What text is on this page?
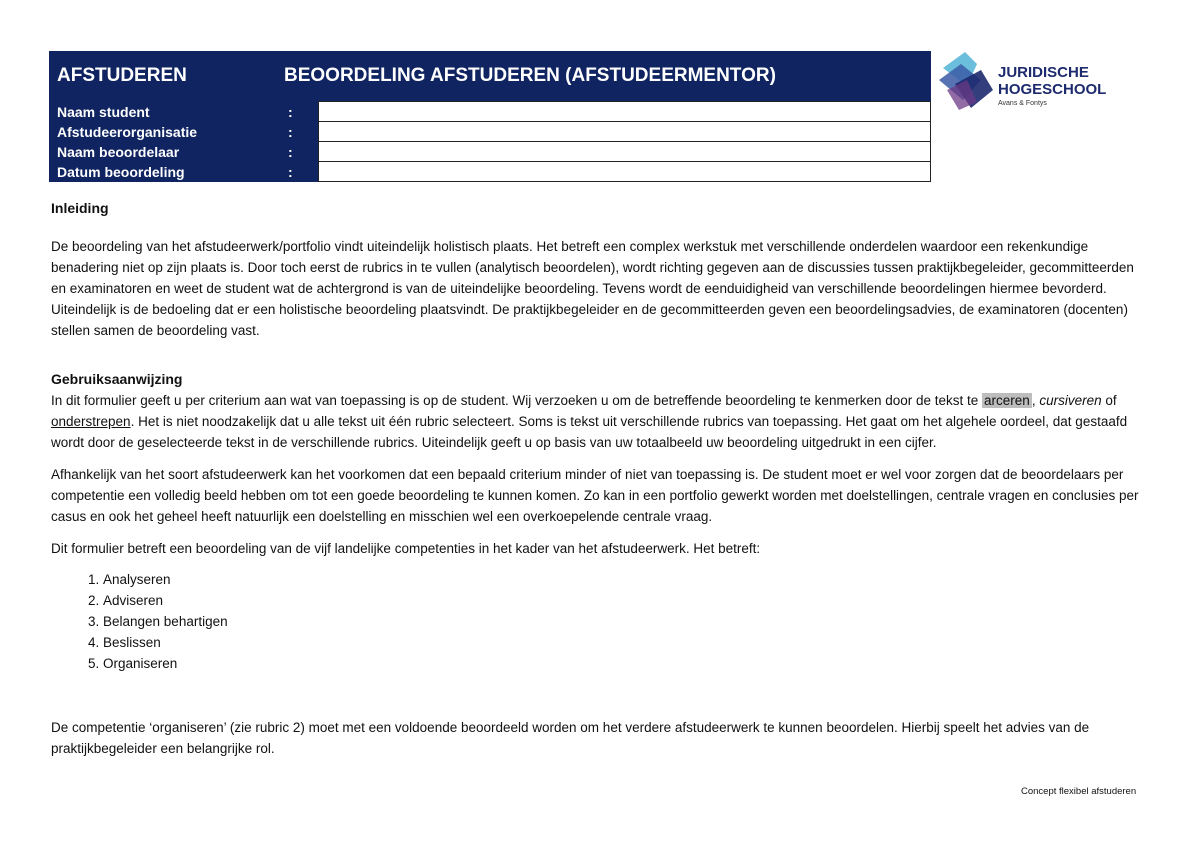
AFSTUDEREN	BEOORDELING AFSTUDEREN (AFSTUDEERMENTOR)	
Naam student	:	
Afstudeerorganisatie	:	
Naam beoordelaar	:	
Datum beoordeling	:	
JURIDISCHE
HOGESCHOOL
Avans & Fontys
Inleiding

De beoordeling van het afstudeerwerk/portfolio vindt uiteindelijk holistisch plaats. Het betreft een complex werkstuk met verschillende onderdelen waardoor een rekenkundige benadering niet op zijn plaats is. Door toch eerst de rubrics in te vullen (analytisch beoordelen), wordt richting gegeven aan de discussies tussen praktijkbegeleider, gecommitteerden en examinatoren en weet de student wat de achtergrond is van de uiteindelijke beoordeling. Tevens wordt de eenduidigheid van verschillende beoordelingen hiermee bevorderd. Uiteindelijk is de bedoeling dat er een holistische beoordeling plaatsvindt. De praktijkbegeleider en de gecommitteerden geven een beoordelingsadvies, de examinatoren (docenten) stellen samen de beoordeling vast.

Gebruiksaanwijzing

In dit formulier geeft u per criterium aan wat van toepassing is op de student. Wij verzoeken u om de betreffende beoordeling te kenmerken door de tekst te arceren , cursiveren of onderstrepen. Het is niet noodzakelijk dat u alle tekst uit één rubric selecteert. Soms is tekst uit verschillende rubrics van toepassing. Het gaat om het algehele oordeel, dat gestaafd wordt door de geselecteerde tekst in de verschillende rubrics. Uiteindelijk geeft u op basis van uw totaalbeeld uw beoordeling uitgedrukt in een cijfer.

Afhankelijk van het soort afstudeerwerk kan het voorkomen dat een bepaald criterium minder of niet van toepassing is. De student moet er wel voor zorgen dat de beoordelaars per competentie een volledig beeld hebben om tot een goede beoordeling te kunnen komen. Zo kan in een portfolio gewerkt worden met doelstellingen, centrale vragen en conclusies per casus en ook het geheel heeft natuurlijk een doelstelling en misschien wel een overkoepelende centrale vraag.

Dit formulier betreft een beoordeling van de vijf landelijke competenties in het kader van het afstudeerwerk. Het betreft:

1. Analyseren
2. Adviseren
3. Belangen behartigen
4. Beslissen
5. Organiseren

De competentie ‘organiseren’ (zie rubric 2) moet met een voldoende beoordeeld worden om het verdere afstudeerwerk te kunnen beoordelen. Hierbij speelt het advies van de praktijkbegeleider een belangrijke rol.

Concept flexibel afstuderen
